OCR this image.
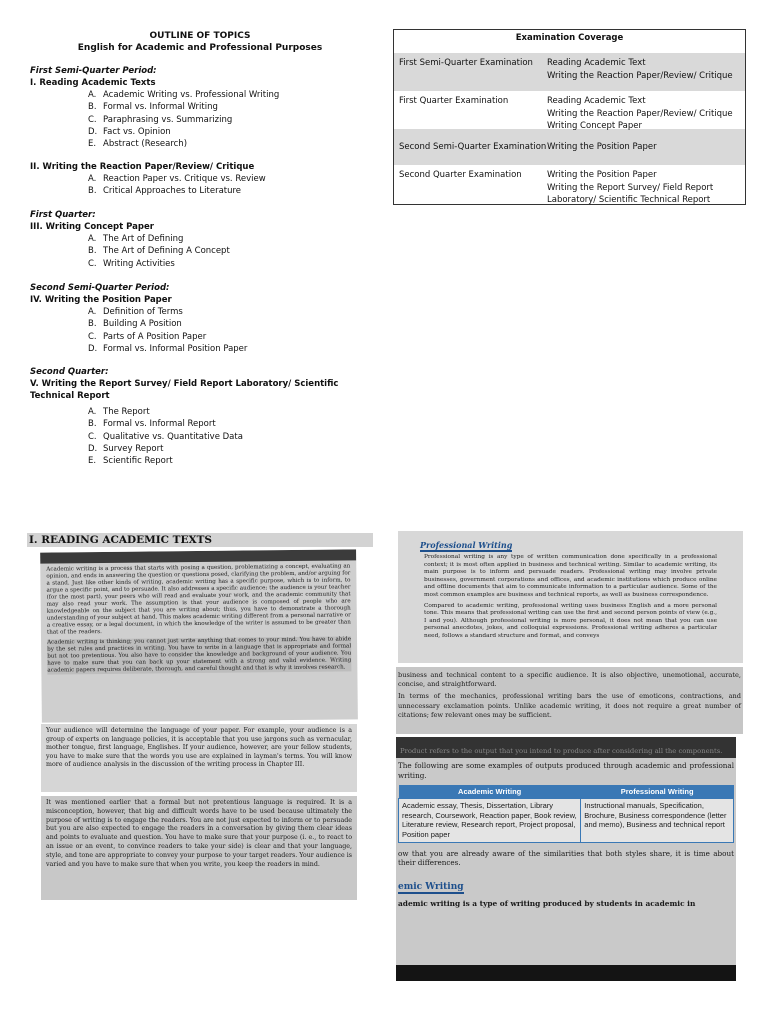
OUTLINE OF TOPICS
English for Academic and Professional Purposes
First Semi-Quarter Period:
I. Reading Academic Texts
A. Academic Writing vs. Professional Writing
B. Formal vs. Informal Writing
C. Paraphrasing vs. Summarizing
D. Fact vs. Opinion
E. Abstract (Research)
II. Writing the Reaction Paper/Review/ Critique
A. Reaction Paper vs. Critique vs. Review
B. Critical Approaches to Literature
First Quarter:
III. Writing Concept Paper
A. The Art of Defining
B. The Art of Defining A Concept
C. Writing Activities
Second Semi-Quarter Period:
IV. Writing the Position Paper
A. Definition of Terms
B. Building A Position
C. Parts of A Position Paper
D. Formal vs. Informal Position Paper
Second Quarter:
V. Writing the Report Survey/ Field Report Laboratory/ Scientific Technical Report
A. The Report
B. Formal vs. Informal Report
C. Qualitative vs. Quantitative Data
D. Survey Report
E. Scientific Report
Examination Coverage
First Semi-Quarter Examination	Reading Academic Text
Writing the Reaction Paper/Review/ Critique
First Quarter Examination	Reading Academic Text
Writing the Reaction Paper/Review/ Critique
Writing Concept Paper
Second Semi-Quarter Examination Writing the Position Paper
Second Quarter Examination	Writing the Position Paper
Writing the Report Survey/ Field Report
Laboratory/ Scientific Technical Report
I. READING ACADEMIC TEXTS

Academic writing is a process that starts with posing a question, problematizing a concept, evaluating an opinion, and ends in answering the question or questions posed, clarifying the problem, and/or arguing for a stand. Just like other kinds of writing, academic writing has a specific purpose, which is to inform, to argue a specific point, and to persuade. It also addresses a specific audience; the audience is your teacher (for the most part), your peers who will read and evaluate your work, and the academic community that may also read your work. The assumption is that your audience is composed of people who are knowledgeable on the subject that you are writing about; thus, you have to demonstrate a thorough understanding of your subject at hand. This makes academic writing different from a personal narrative or a creative essay, or a legal document, in which the knowledge of the writer is assumed to be greater than that of the readers.

Academic writing is thinking; you cannot just write anything that comes to your mind. You have to abide by the set rules and practices in writing. You have to write in a language that is appropriate and formal but not too pretentious. You also have to consider the knowledge and background of your audience. You have to make sure that you can back up your statement with a strong and valid evidence. Writing academic papers requires deliberate, thorough, and careful thought and that is why it involves research.

Your audience will determine the language of your paper. For example, your audience is a group of experts on language policies, it is acceptable that you use jargons such as vernacular, mother tongue, first language, Englishes. If your audience, however, are your fellow students, you have to make sure that the words you use are explained in layman's terms. You will know more of audience analysis in the discussion of the writing process in Chapter III.

It was mentioned earlier that a formal but not pretentious language is required. It is a misconception, however, that big and difficult words have to be used because ultimately the purpose of writing is to engage the readers. You are not just expected to inform or to persuade but you are also expected to engage the readers in a conversation by giving them clear ideas and points to evaluate and question. You have to make sure that your purpose (i. e., to react to an issue or an event, to convince readers to take your side) is clear and that your language, style, and tone are appropriate to convey your purpose to your target readers. Your audience is varied and you have to make sure that when you write, you keep the readers in mind.

Professional Writing

Professional writing is any type of written communication done specifically in a professional context; it is most often applied in business and technical writing. Similar to academic writing, its main purpose is to inform and persuade readers. Professional writing may involve private businesses, government corporations and offices, and academic institutions which produce online and offline documents that aim to communicate information to a particular audience. Some of the most common examples are business and technical reports, as well as business correspondence.

Compared to academic writing, professional writing uses business English and a more personal tone. This means that professional writing can use the first and second person points of view (e.g., I and you). Although professional writing is more personal, it does not mean that you can use personal anecdotes, jokes, and colloquial expressions. Professional writing adheres a particular need, follows a standard structure and format, and conveys

business and technical content to a specific audience. It is also objective, unemotional, accurate, concise, and straightforward.

In terms of the mechanics, professional writing bars the use of emoticons, contractions, and unnecessary exclamation points. Unlike academic writing, it does not require a great number of citations; few relevant ones may be sufficient.

Product refers to the output that you intend to produce after considering all the components.

The following are some examples of outputs produced through academic and professional writing.

Academic Writing	Professional Writing
Academic essay, Thesis, Dissertation, Library research, Coursework, Reaction paper, Book review, Literature review, Research report, Project proposal, Position paper	Instructional manuals, Specification, Brochure, Business correspondence (letter and memo), Business and technical report

ow that you are already aware of the similarities that both styles share, it is time about their differences.

emic Writing

ademic writing is a type of writing produced by students in academic in
